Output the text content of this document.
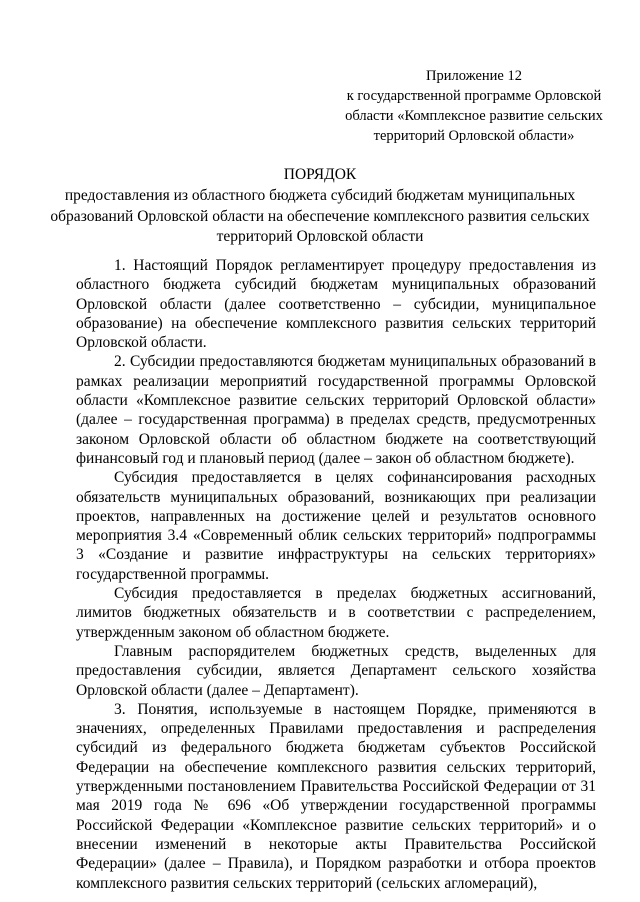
Приложение 12
к государственной программе Орловской области «Комплексное развитие сельских территорий Орловской области»
ПОРЯДОК
предоставления из областного бюджета субсидий бюджетам муниципальных образований Орловской области на обеспечение комплексного развития сельских территорий Орловской области

1. Настоящий Порядок регламентирует процедуру предоставления из областного бюджета субсидий бюджетам муниципальных образований Орловской области (далее соответственно – субсидии, муниципальное образование) на обеспечение комплексного развития сельских территорий Орловской области.

2. Субсидии предоставляются бюджетам муниципальных образований в рамках реализации мероприятий государственной программы Орловской области «Комплексное развитие сельских территорий Орловской области» (далее – государственная программа) в пределах средств, предусмотренных законом Орловской области об областном бюджете на соответствующий финансовый год и плановый период (далее – закон об областном бюджете).

Субсидия предоставляется в целях софинансирования расходных обязательств муниципальных образований, возникающих при реализации проектов, направленных на достижение целей и результатов основного мероприятия 3.4 «Современный облик сельских территорий» подпрограммы 3 «Создание и развитие инфраструктуры на сельских территориях» государственной программы.

Субсидия предоставляется в пределах бюджетных ассигнований, лимитов бюджетных обязательств и в соответствии с распределением, утвержденным законом об областном бюджете.

Главным распорядителем бюджетных средств, выделенных для предоставления субсидии, является Департамент сельского хозяйства Орловской области (далее – Департамент).

3. Понятия, используемые в настоящем Порядке, применяются в значениях, определенных Правилами предоставления и распределения субсидий из федерального бюджета бюджетам субъектов Российской Федерации на обеспечение комплексного развития сельских территорий, утвержденными постановлением Правительства Российской Федерации от 31 мая 2019 года № 696 «Об утверждении государственной программы Российской Федерации «Комплексное развитие сельских территорий» и о внесении изменений в некоторые акты Правительства Российской Федерации» (далее – Правила), и Порядком разработки и отбора проектов комплексного развития сельских территорий (сельских агломераций),
